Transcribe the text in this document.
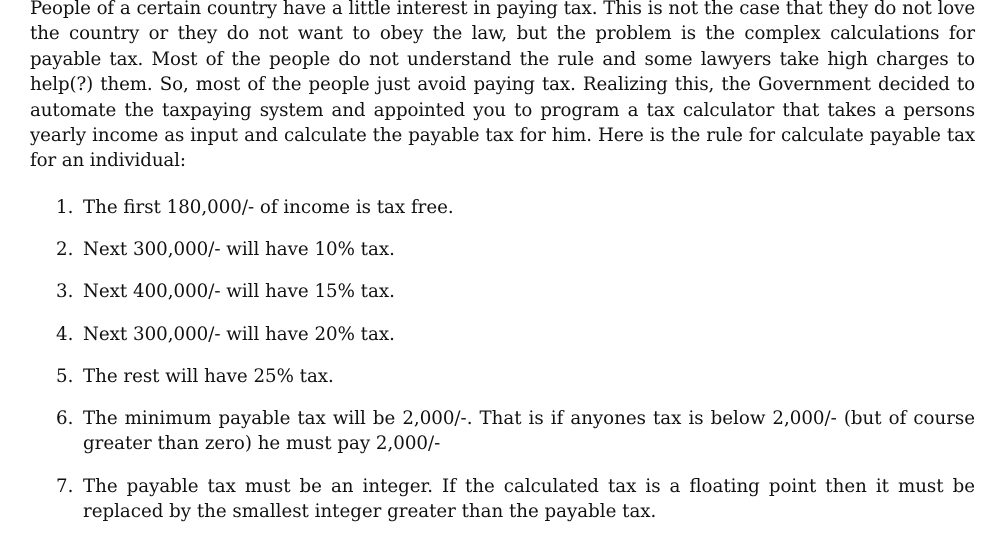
People of a certain country have a little interest in paying tax. This is not the case that they do not love the country or they do not want to obey the law, but the problem is the complex calculations for payable tax. Most of the people do not understand the rule and some lawyers take high charges to help(?) them. So, most of the people just avoid paying tax. Realizing this, the Government decided to automate the taxpaying system and appointed you to program a tax calculator that takes a persons yearly income as input and calculate the payable tax for him. Here is the rule for calculate payable tax for an individual:

1. The first 180,000/- of income is tax free.
2. Next 300,000/- will have 10% tax.
3. Next 400,000/- will have 15% tax.
4. Next 300,000/- will have 20% tax.
5. The rest will have 25% tax.
6. The minimum payable tax will be 2,000/-. That is if anyones tax is below 2,000/- (but of course greater than zero) he must pay 2,000/-
7. The payable tax must be an integer. If the calculated tax is a floating point then it must be replaced by the smallest integer greater than the payable tax.
